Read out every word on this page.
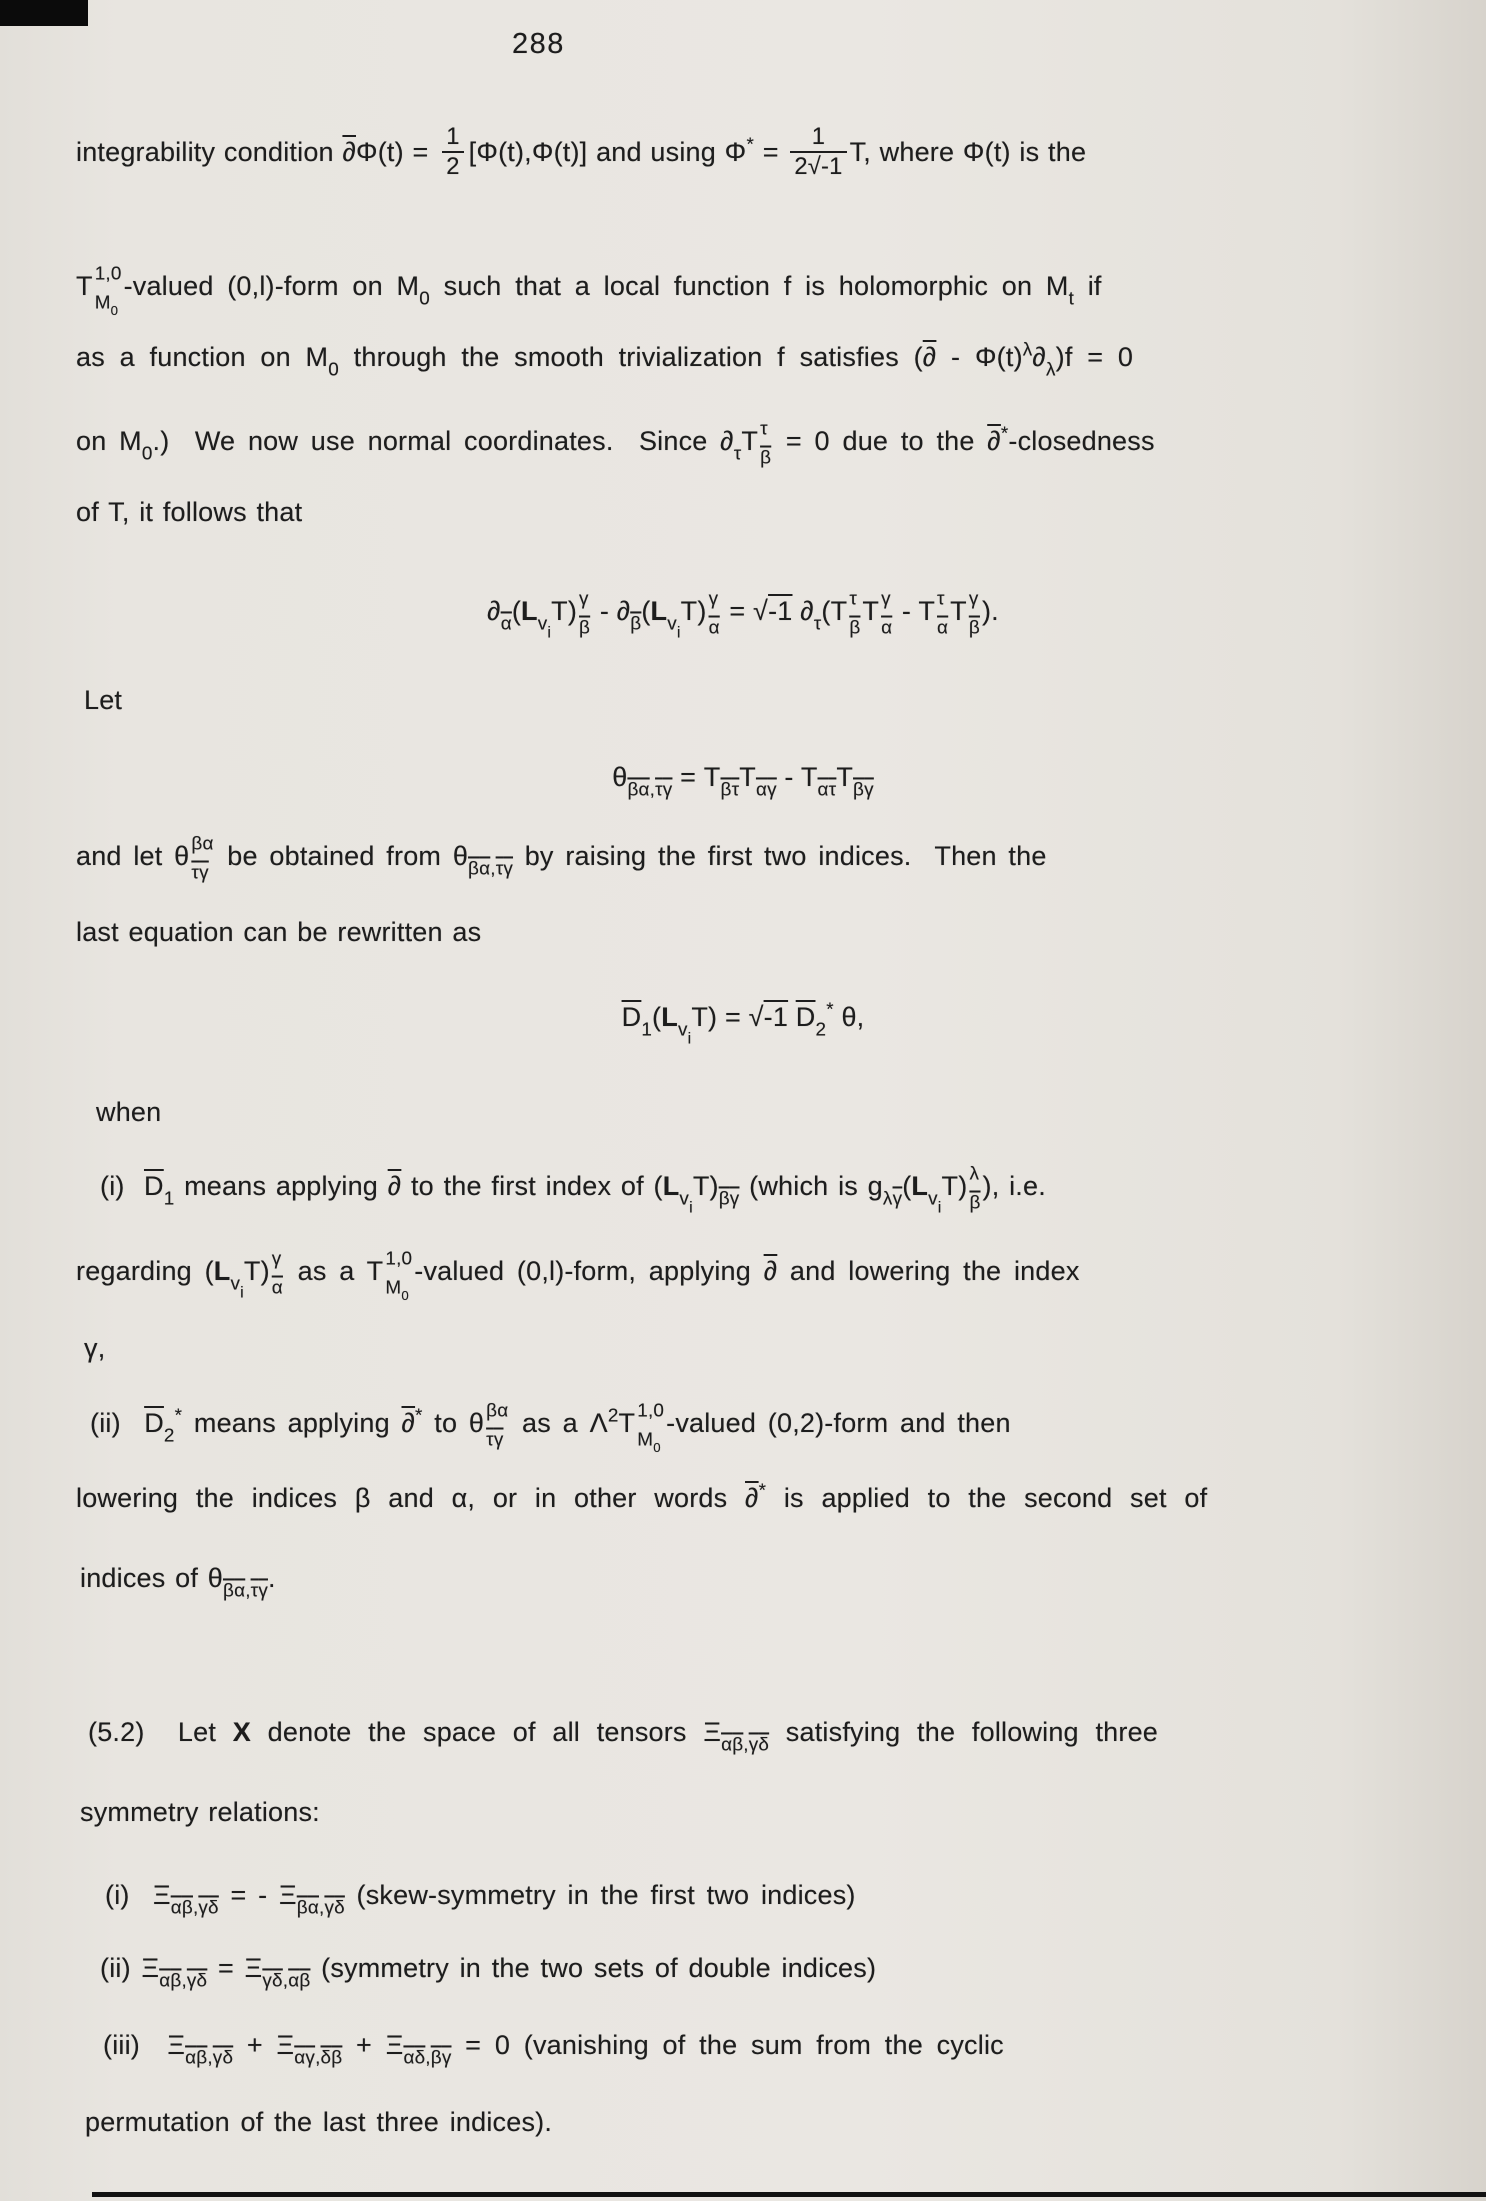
288
integrability condition $\partial\Phi(t) = \frac{1}{2} [\Phi(t),\Phi(t)]$ and using $\Phi* = \frac{1}{2√-1} T$, where Φ(t) is the
T 1,0
M0
-valued (0,l)-form on M0 such that a local function f is holomorphic on Mt if
as a function on M0 through the smooth trivialization f satisfies (∂ - Φ(t)λ∂λ)f = 0
on M0.)  We now use normal coordinates.  Since ∂τT τ
$\overline{\beta}$
= 0 due to the ∂*-closedness
of T, it follows that
$\partial\overline{\alpha}(LviT)$ γ
$\overline{\beta}$
- $\partial\overline{\beta}(LviT)$ γ
$\overline{\alpha}$
= √-1 ∂τ(T τ
$\overline{\beta}$
T γ
$\overline{\alpha}$
- T τ
$\overline{\alpha}$
T γ
$\overline{\beta}$
).
Let
$\theta\overline{\beta}\overline{\alpha},\overline{\tau}\overline{\gamma} = T\overline{\beta}\overline{\tau}T\overline{\alpha}\overline{\gamma} - T\overline{\alpha}\overline{\tau}T\overline{\beta}\overline{\gamma}$
and let θ βα
$\overline{\tau}\overline{\gamma}$
be obtained from $\theta\overline{\beta}\overline{\alpha},\overline{\tau}\overline{\gamma}$ by raising the first two indices.  Then the
last equation can be rewritten as
$\overline{D}1(LviT) = √-1$ $\overline{D}2*$ θ,
when
(i)  $\overline{D}1$ means applying ∂ to the first index of $(LviT)\overline{\beta}\overline{\gamma}$ (which is $g\lambda\overline{\gamma}(LviT)$ λ
$\overline{\beta}$
), i.e.
regarding (LviT) γ
$\overline{\alpha}$
as a T 1,0
M0
-valued (0,l)-form, applying ∂ and lowering the index
γ,
(ii)  $\overline{D}2*$ means applying ∂* to θ βα
$\overline{\tau}\overline{\gamma}$
as a Λ2T 1,0
M0
-valued (0,2)-form and then
lowering the indices β and α, or in other words ∂* is applied to the second set of
indices of $\theta\overline{\beta}\overline{\alpha},\overline{\tau}\overline{\gamma}$.
(5.2)  Let X denote the space of all tensors $\Xi\overline{\alpha}\overline{\beta},\overline{\gamma}\overline{\delta}$ satisfying the following three
symmetry relations:
(i)  $\Xi\overline{\alpha}\overline{\beta},\overline{\gamma}\overline{\delta}$ = - $\Xi\overline{\beta}\overline{\alpha},\overline{\gamma}\overline{\delta}$ (skew-symmetry in the first two indices)
(ii) $\Xi\overline{\alpha}\overline{\beta},\overline{\gamma}\overline{\delta} = \Xi\overline{\gamma}\overline{\delta},\overline{\alpha}\overline{\beta}$ (symmetry in the two sets of double indices)
(iii)  $\Xi\overline{\alpha}\overline{\beta},\overline{\gamma}\overline{\delta} + \Xi\overline{\alpha}\overline{\gamma},\overline{\delta}\overline{\beta} + \Xi\overline{\alpha}\overline{\delta},\overline{\beta}\overline{\gamma} = 0$ (vanishing of the sum from the cyclic
permutation of the last three indices).
